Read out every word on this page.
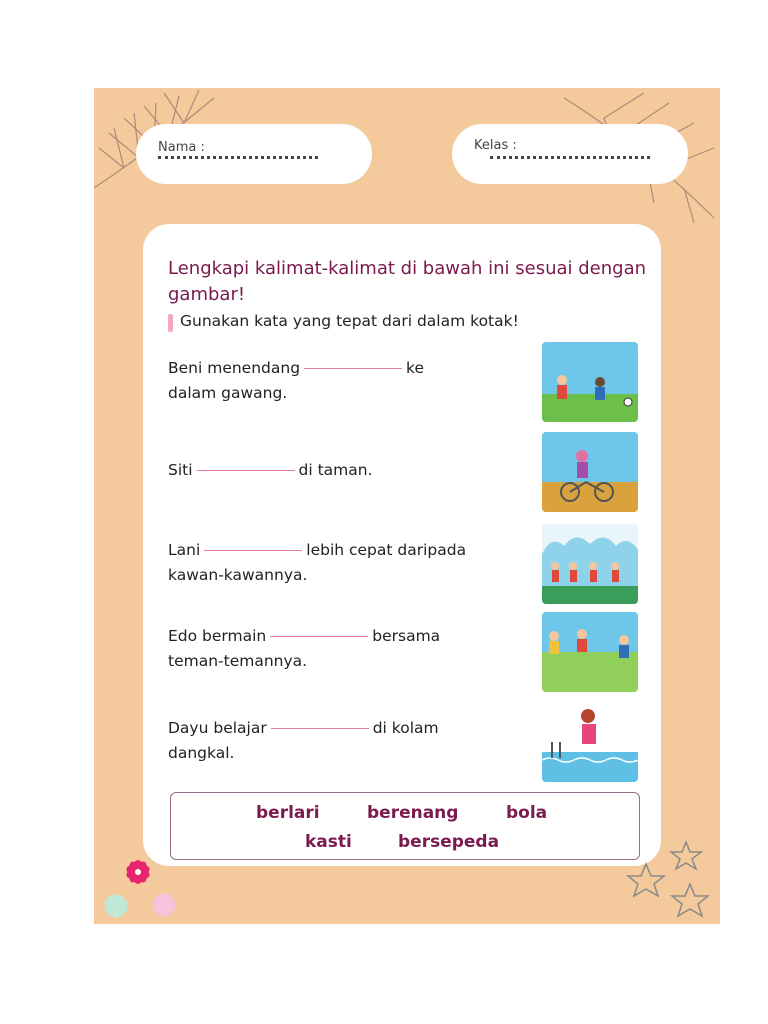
Nama :	Kelas :
Lengkapi kalimat-kalimat di bawah ini sesuai dengan gambar!
Gunakan kata yang tepat dari dalam kotak!
Beni menendang	ke
dalam gawang.
Siti	di taman.
Lani	lebih cepat daripada
kawan-kawannya.
Edo bermain	bersama
teman-temannya.
Dayu belajar	di kolam
dangkal.
berlari	berenang	bola
kasti	bersepeda
